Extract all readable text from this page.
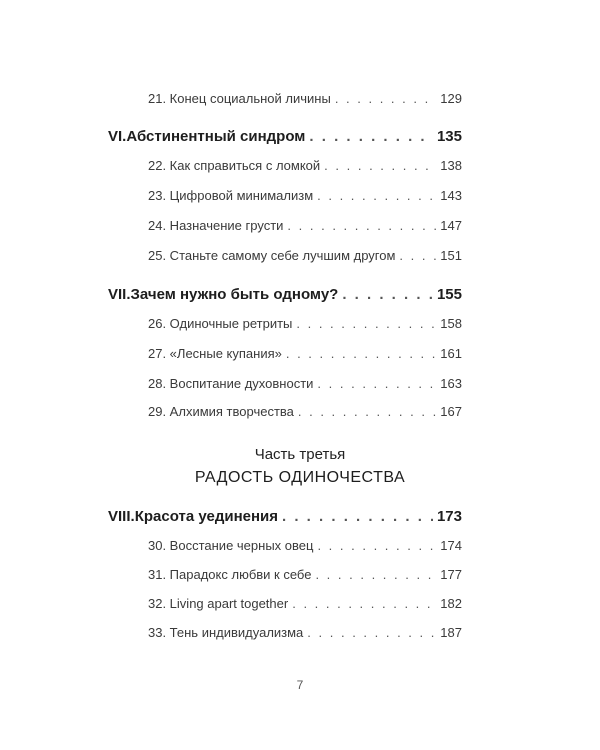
21. Конец социальной личины . . .	129
VI. Абстинентный синдром . . .	135
22. Как справиться с ломкой . . .	138
23. Цифровой минимализм . . .	143
24. Назначение грусти . . .	147
25. Станьте самому себе лучшим другом . . .	151
VII. Зачем нужно быть одному? . . .	155
26. Одиночные ретриты . . .	158
27. «Лесные купания» . . .	161
28. Воспитание духовности . . .	163
29. Алхимия творчества . . .	167
Часть третья
РАДОСТЬ ОДИНОЧЕСТВА
VIII. Красота уединения . . .	173
30. Восстание черных овец . . .	174
31. Парадокс любви к себе . . .	177
32. Living apart together . . .	182
33. Тень индивидуализма . . .	187
7
